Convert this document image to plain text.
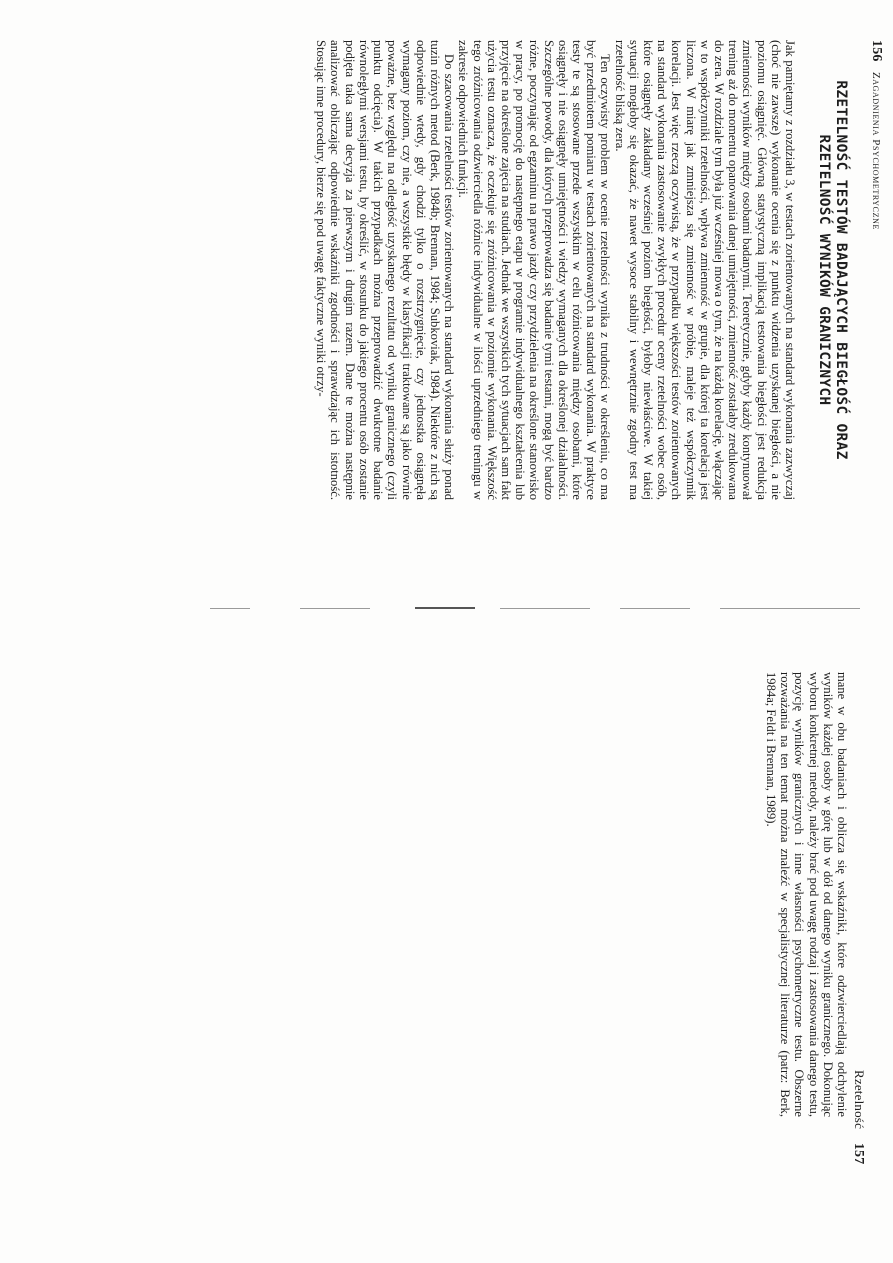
156   Zagadnienia Psychometryczne
Rzetelność    157
RZETELNOŚĆ TESTÓW BADAJĄCYCH BIEGŁOŚĆ ORAZ RZETELNOŚĆ WYNIKÓW GRANICZNYCH

Jak pamiętamy z rozdziału 3, w testach zorientowanych na standard wykonania zazwyczaj (choć nie zawsze) wykonanie ocenia się z punktu widzenia uzyskanej biegłości, a nie poziomu osiągnięć. Główną statystyczną implikacją testowania biegłości jest redukcja zmienności wyników między osobami badanymi. Teoretycznie, gdyby każdy kontynuował trening aż do momentu opanowania danej umiejętności, zmienność zostałaby zredukowana do zera. W rozdziale tym była już wcześniej mowa o tym, że na każdą korelację, włączając w to współczynniki rzetelności, wpływa zmienność w grupie, dla której ta korelacja jest liczona. W miarę jak zmniejsza się zmienność w próbie, maleje też współczynnik korelacji. Jest więc rzeczą oczywistą, że w przypadku większości testów zorientowanych na standard wykonania zastosowanie zwykłych procedur oceny rzetelności wobec osób, które osiągnęły zakładany wcześniej poziom biegłości, byłoby niewłaściwe. W takiej sytuacji mogłoby się okazać, że nawet wysoce stabilny i wewnętrznie zgodny test ma rzetelność bliską zera.

Ten oczywisty problem w ocenie rzetelności wynika z trudności w określeniu, co ma być przedmiotem pomiaru w testach zorientowanych na standard wykonania. W praktyce testy te są stosowane przede wszystkim w celu różnicowania między osobami, które osiągnęły i nie osiągnęły umiejętności i wiedzy wymaganych dla określonej działalności. Szczególne powody, dla których przeprowadza się badanie tymi testami, mogą być bardzo różne, poczynając od egzaminu na prawo jazdy czy przydzielenia na określone stanowisko w pracy, po promocję do następnego etapu w programie indywidualnego kształcenia lub przyjęcie na określone zajęcia na studiach. Jednak we wszystkich tych sytuacjach sam fakt użycia testu oznacza, że oczekuje się zróżnicowania w poziomie wykonania. Większość tego zróżnicowania odzwierciedla różnice indywidualne w ilości uprzedniego treningu w zakresie odpowiednich funkcji.

Do szacowania rzetelności testów zorientowanych na standard wykonania służy ponad tuzin różnych metod (Berk, 1984b; Brennan, 1984; Subkoviak, 1984). Niektóre z nich są odpowiednie wtedy, gdy chodzi tylko o rozstrzygnięcie, czy jednostka osiągnęła wymagany poziom, czy nie, a wszystkie błędy w klasyfikacji traktowane są jako równie poważne, bez względu na odległość uzyskanego rezultatu od wyniku granicznego (czyli punktu odcięcia). W takich przypadkach można przeprowadzić dwukrotne badanie równoległymi wersjami testu, by określić, w stosunku do jakiego procentu osób zostanie podjęta taka sama decyzja za pierwszym i drugim razem. Dane te można następnie analizować obliczając odpowiednie wskaźniki zgodności i sprawdzając ich istotność. Stosując inne procedury, bierze się pod uwagę faktyczne wyniki otrzy-

mane w obu badaniach i oblicza się wskaźniki, które odzwierciedlają odchylenie wyników każdej osoby w górę lub w dół od danego wyniku granicznego. Dokonując wyboru konkretnej metody, należy brać pod uwagę rodzaj i zastosowania danego testu, pozycję wyników granicznych i inne własności psychometryczne testu. Obszerne rozważania na ten temat można znaleźć w specjalistycznej literaturze (patrz: Berk, 1984a; Feldt i Brennan, 1989).
